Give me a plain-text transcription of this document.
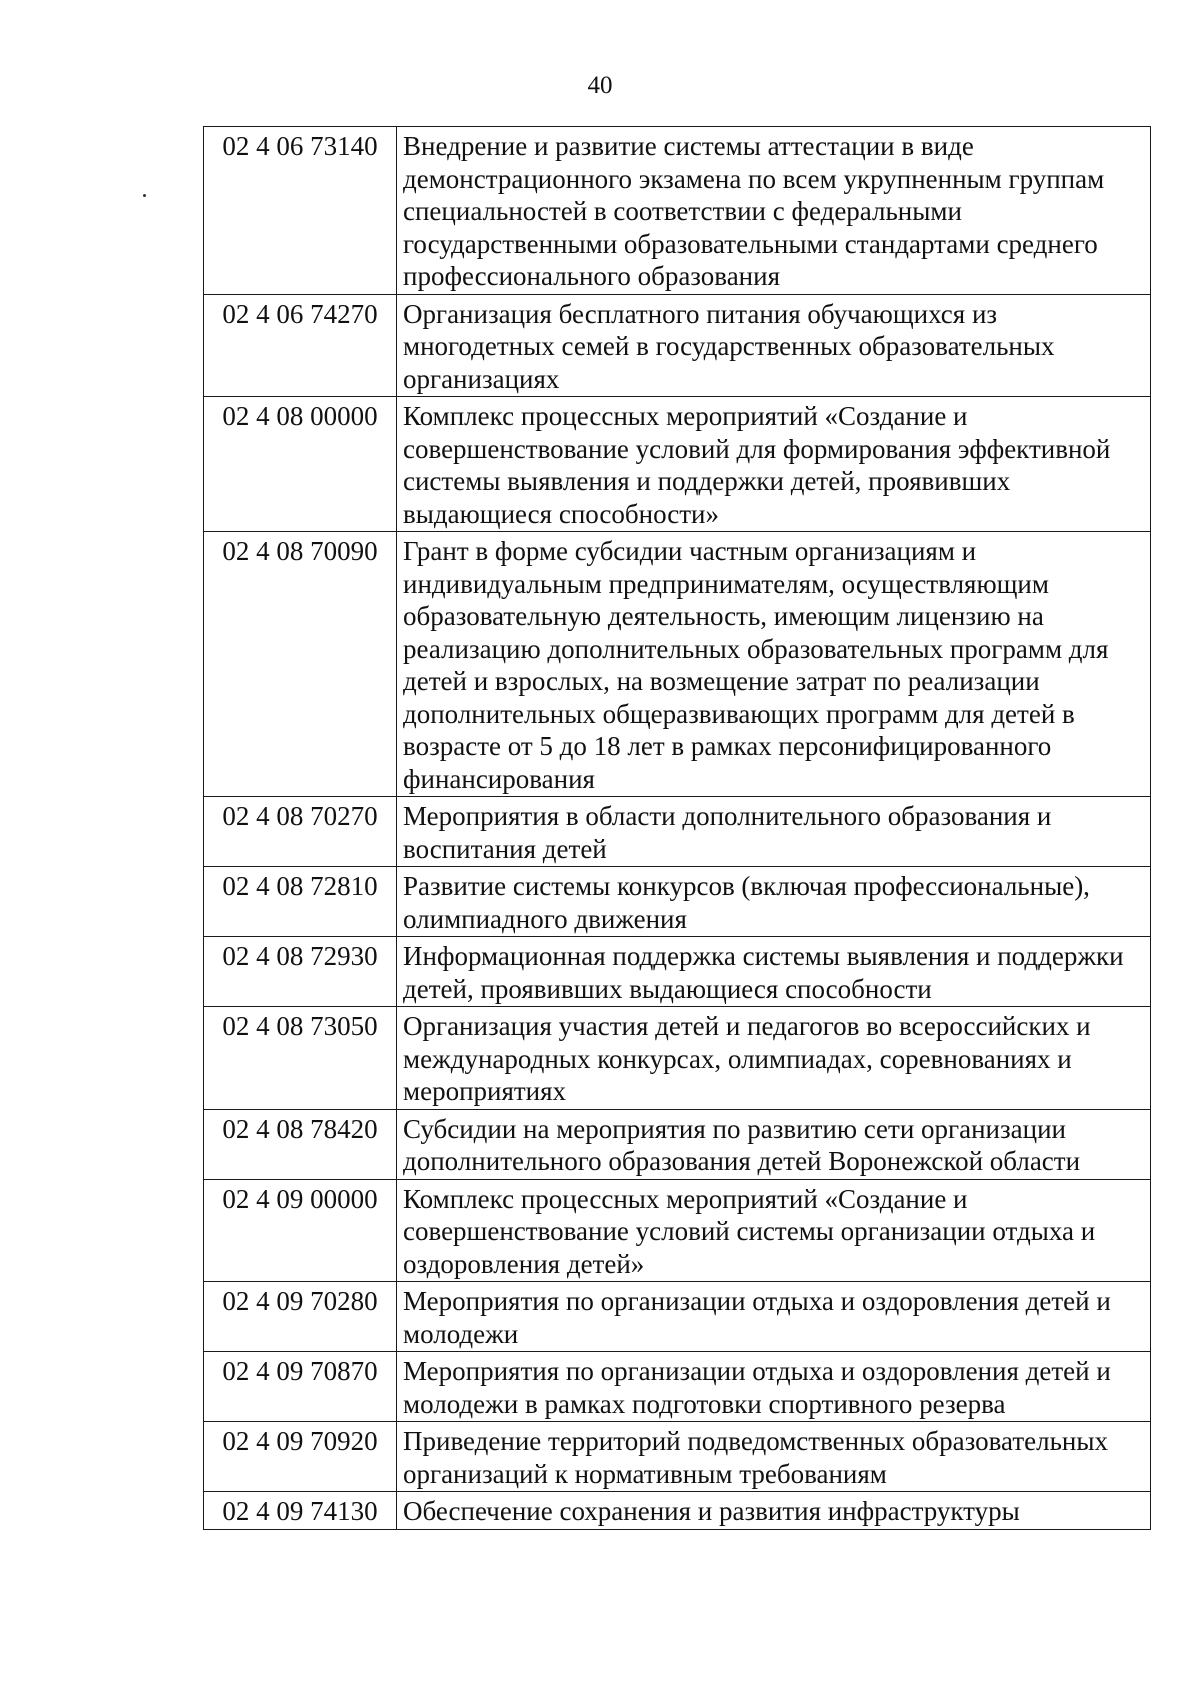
40
02 4 06 73140	Внедрение и развитие системы аттестации в виде демонстрационного экзамена по всем укрупненным группам специальностей в соответствии с федеральными государственными образовательными стандартами среднего профессионального образования
02 4 06 74270	Организация бесплатного питания обучающихся из многодетных семей в государственных образовательных организациях
02 4 08 00000	Комплекс процессных мероприятий «Создание и совершенствование условий для формирования эффективной системы выявления и поддержки детей, проявивших выдающиеся способности»
02 4 08 70090	Грант в форме субсидии частным организациям и индивидуальным предпринимателям, осуществляющим образовательную деятельность, имеющим лицензию на реализацию дополнительных образовательных программ для детей и взрослых, на возмещение затрат по реализации дополнительных общеразвивающих программ для детей в возрасте от 5 до 18 лет в рамках персонифицированного финансирования
02 4 08 70270	Мероприятия в области дополнительного образования и воспитания детей
02 4 08 72810	Развитие системы конкурсов (включая профессиональные), олимпиадного движения
02 4 08 72930	Информационная поддержка системы выявления и поддержки детей, проявивших выдающиеся способности
02 4 08 73050	Организация участия детей и педагогов во всероссийских и международных конкурсах, олимпиадах, соревнованиях и мероприятиях
02 4 08 78420	Субсидии на мероприятия по развитию сети организации дополнительного образования детей Воронежской области
02 4 09 00000	Комплекс процессных мероприятий «Создание и совершенствование условий системы организации отдыха и оздоровления детей»
02 4 09 70280	Мероприятия по организации отдыха и оздоровления детей и молодежи
02 4 09 70870	Мероприятия по организации отдыха и оздоровления детей и молодежи в рамках подготовки спортивного резерва
02 4 09 70920	Приведение территорий подведомственных образовательных организаций к нормативным требованиям
02 4 09 74130	Обеспечение сохранения и развития инфраструктуры
